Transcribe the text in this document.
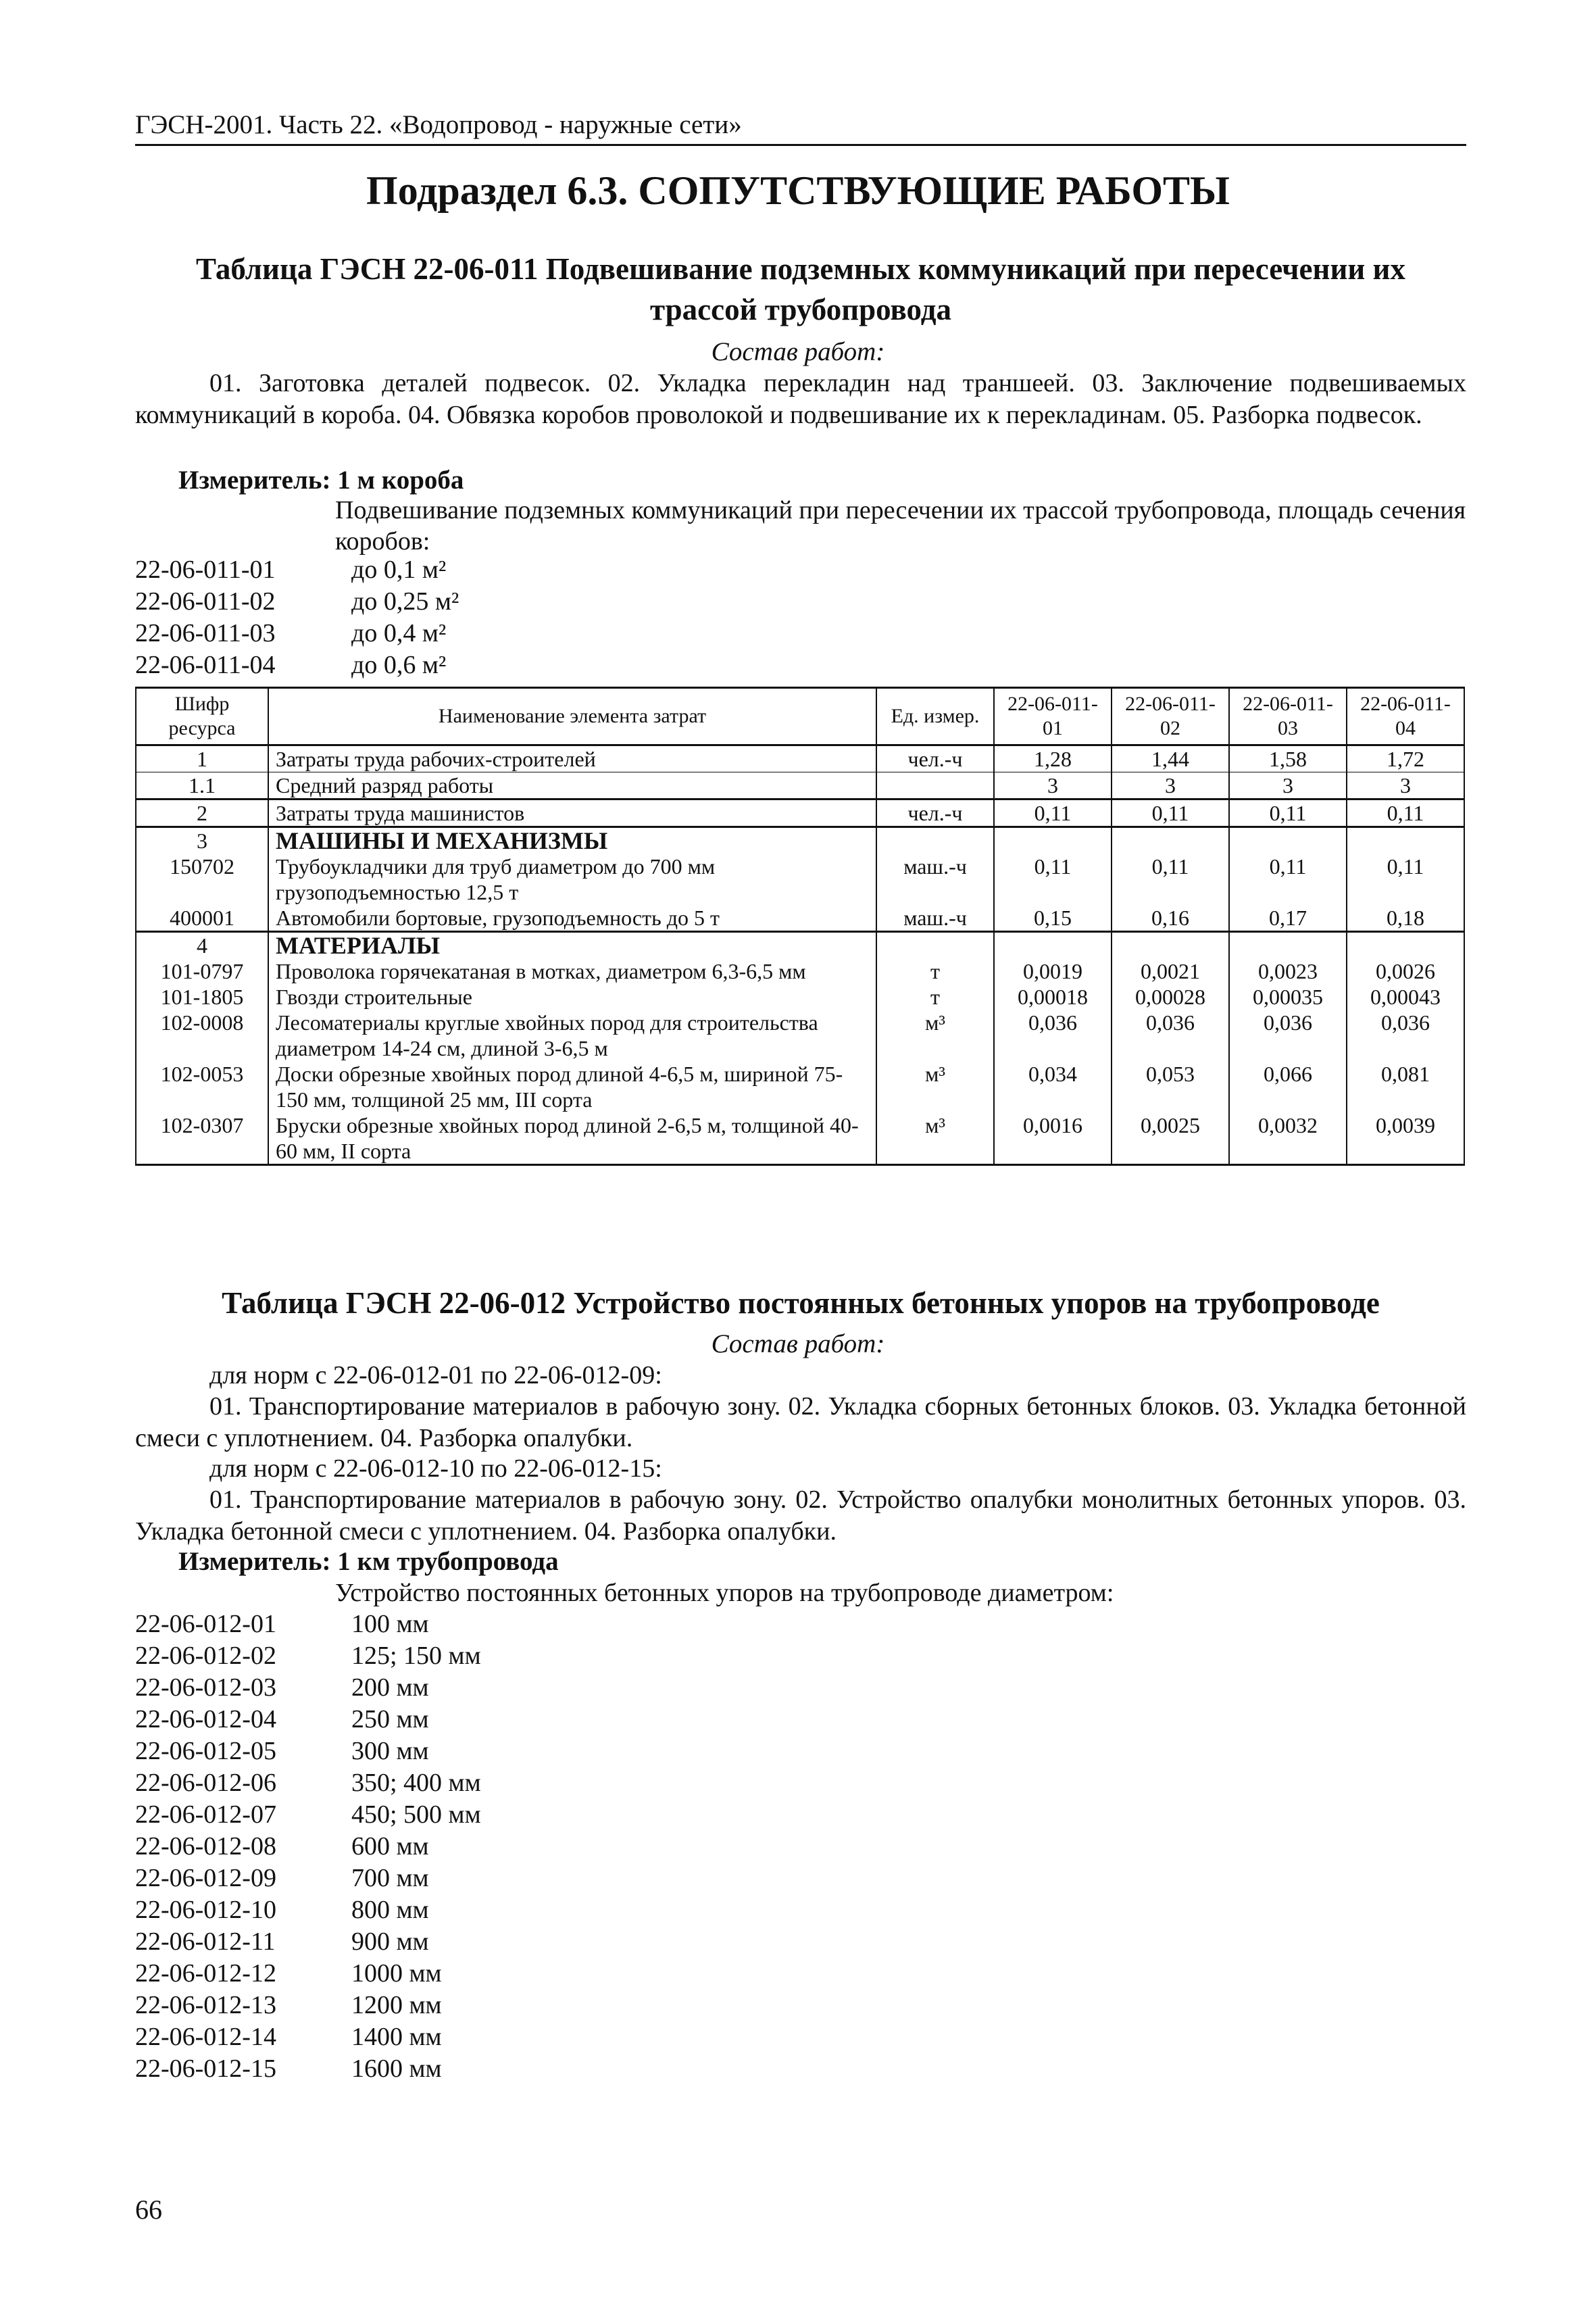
ГЭСН-2001. Часть 22. «Водопровод - наружные сети»
Подраздел 6.3. СОПУТСТВУЮЩИЕ РАБОТЫ
Таблица ГЭСН 22-06-011 Подвешивание подземных коммуникаций при пересечении их
трассой трубопровода
Состав работ:
01. Заготовка деталей подвесок. 02. Укладка перекладин над траншеей. 03. Заключение подвешиваемых коммуникаций в короба. 04. Обвязка коробов проволокой и подвешивание их к перекладинам. 05. Разборка подвесок.
Измеритель: 1 м короба
Подвешивание подземных коммуникаций при пересечении их трассой трубопровода, площадь сечения коробов:
22-06-011-01	до 0,1 м²
22-06-011-02	до 0,25 м²
22-06-011-03	до 0,4 м²
22-06-011-04	до 0,6 м²
Шифр ресурса	Наименование элемента затрат	Ед. измер.	22-06-011-01	22-06-011-02	22-06-011-03	22-06-011-04
1	Затраты труда рабочих-строителей	чел.-ч	1,28	1,44	1,58	1,72
1.1	Средний разряд работы		3	3	3	3
2	Затраты труда машинистов	чел.-ч	0,11	0,11	0,11	0,11
3	МАШИНЫ И МЕХАНИЗМЫ					
150702	Трубоукладчики для труб диаметром до 700 мм грузоподъемностью 12,5 т	маш.-ч	0,11	0,11	0,11	0,11
400001	Автомобили бортовые, грузоподъемность до 5 т	маш.-ч	0,15	0,16	0,17	0,18
4	МАТЕРИАЛЫ					
101-0797	Проволока горячекатаная в мотках, диаметром 6,3-6,5 мм	т	0,0019	0,0021	0,0023	0,0026
101-1805	Гвозди строительные	т	0,00018	0,00028	0,00035	0,00043
102-0008	Лесоматериалы круглые хвойных пород для строительства диаметром 14-24 см, длиной 3-6,5 м	м³	0,036	0,036	0,036	0,036
102-0053	Доски обрезные хвойных пород длиной 4-6,5 м, шириной 75-150 мм, толщиной 25 мм, III сорта	м³	0,034	0,053	0,066	0,081
102-0307	Бруски обрезные хвойных пород длиной 2-6,5 м, толщиной 40-60 мм, II сорта	м³	0,0016	0,0025	0,0032	0,0039
Таблица ГЭСН 22-06-012 Устройство постоянных бетонных упоров на трубопроводе
Состав работ:
для норм с 22-06-012-01 по 22-06-012-09:
01. Транспортирование материалов в рабочую зону. 02. Укладка сборных бетонных блоков. 03. Укладка бетонной смеси с уплотнением. 04. Разборка опалубки.
для норм с 22-06-012-10 по 22-06-012-15:
01. Транспортирование материалов в рабочую зону. 02. Устройство опалубки монолитных бетонных упоров. 03. Укладка бетонной смеси с уплотнением. 04. Разборка опалубки.
Измеритель: 1 км трубопровода
Устройство постоянных бетонных упоров на трубопроводе диаметром:
22-06-012-01	100 мм
22-06-012-02	125; 150 мм
22-06-012-03	200 мм
22-06-012-04	250 мм
22-06-012-05	300 мм
22-06-012-06	350; 400 мм
22-06-012-07	450; 500 мм
22-06-012-08	600 мм
22-06-012-09	700 мм
22-06-012-10	800 мм
22-06-012-11	900 мм
22-06-012-12	1000 мм
22-06-012-13	1200 мм
22-06-012-14	1400 мм
22-06-012-15	1600 мм
66
